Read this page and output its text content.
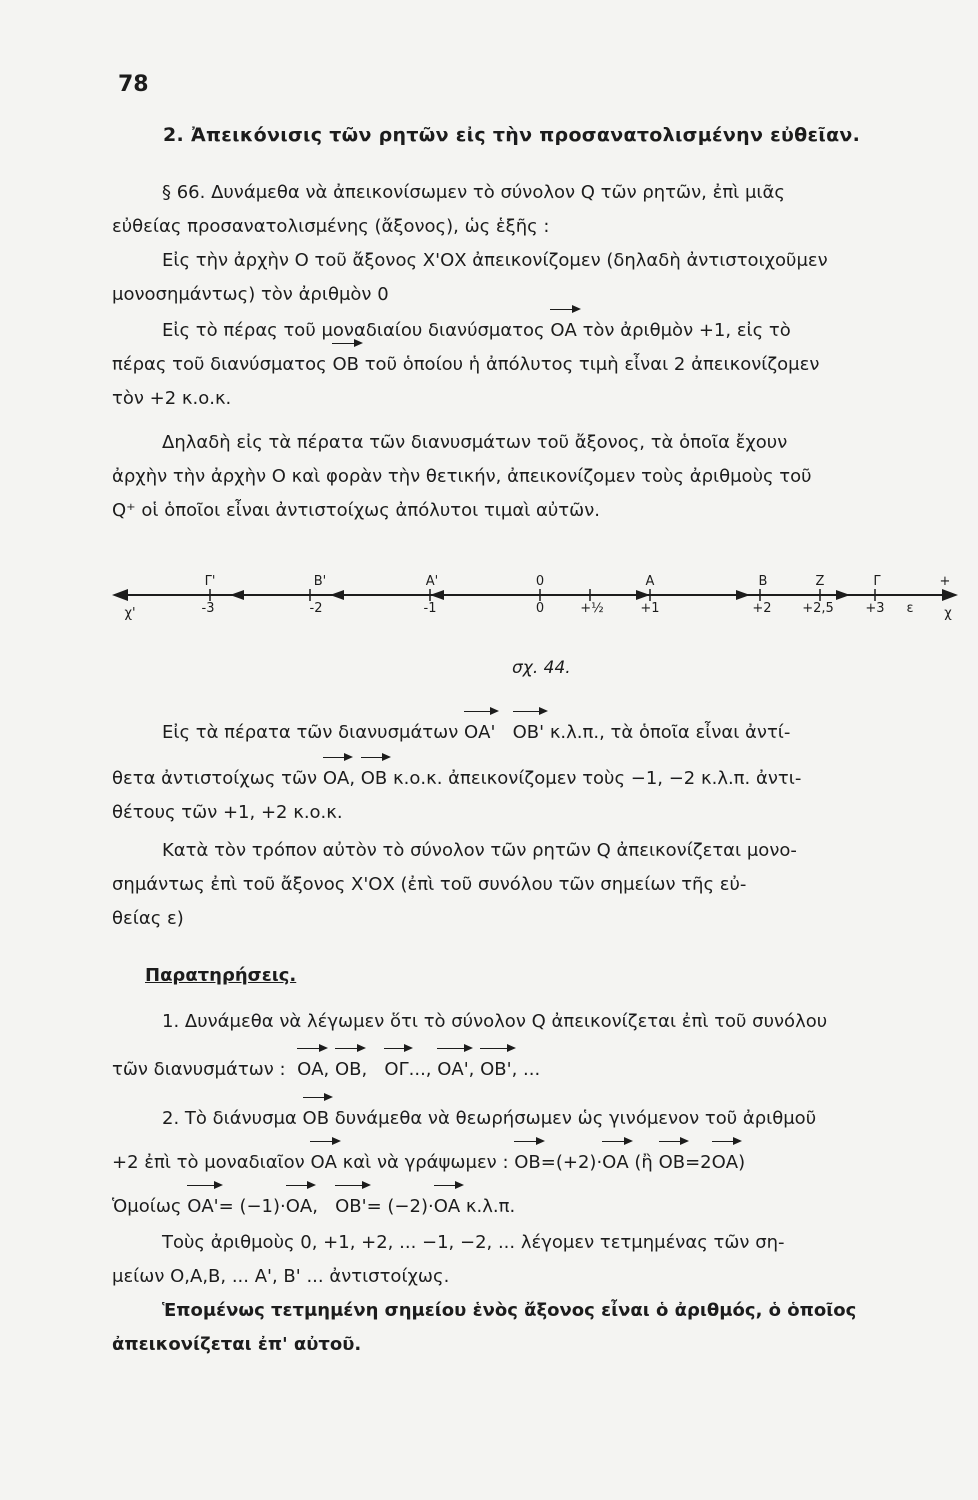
78
2. Ἀπεικόνισις τῶν ρητῶν εἰς τὴν προσανατολισμένην εὐθεῖαν.
§ 66. Δυνάμεθα νὰ ἀπεικονίσωμεν τὸ σύνολον Q τῶν ρητῶν, ἐπὶ μιᾶς
εὐθείας προσανατολισμένης (ἄξονος), ὡς ἑξῆς :
Εἰς τὴν ἀρχὴν Ο τοῦ ἄξονος Χ'ΟΧ ἀπεικονίζομεν (δηλαδὴ ἀντιστοιχοῦμεν
μονοσημάντως) τὸν ἀριθμὸν 0
Εἰς τὸ πέρας τοῦ μοναδιαίου διανύσματος ΟΑ τὸν ἀριθμὸν +1, εἰς τὸ
πέρας τοῦ διανύσματος ΟΒ τοῦ ὁποίου ἡ ἀπόλυτος τιμὴ εἶναι 2 ἀπεικονίζομεν
τὸν +2 κ.ο.κ.
Δηλαδὴ εἰς τὰ πέρατα τῶν διανυσμάτων τοῦ ἄξονος, τὰ ὁποῖα ἔχουν
ἀρχὴν τὴν ἀρχὴν Ο καὶ φορὰν τὴν θετικήν, ἀπεικονίζομεν τοὺς ἀριθμοὺς τοῦ
Q⁺ οἱ ὁποῖοι εἶναι ἀντιστοίχως ἀπόλυτοι τιμαὶ αὐτῶν.
Γ'	Β'	Α'	0	Α	Β	Ζ	Γ	+
χ'	-3	-2	-1	0	+½	+1	+2 +2,5 +3 ε χ
σχ. 44.
Εἰς τὰ πέρατα τῶν διανυσμάτων ΟΑ' ΟΒ' κ.λ.π., τὰ ὁποῖα εἶναι ἀντί-
θετα ἀντιστοίχως τῶν ΟΑ, ΟΒ κ.ο.κ. ἀπεικονίζομεν τοὺς −1, −2 κ.λ.π. ἀντι-
θέτους τῶν +1, +2 κ.ο.κ.
Κατὰ τὸν τρόπον αὐτὸν τὸ σύνολον τῶν ρητῶν Q ἀπεικονίζεται μονο-
σημάντως ἐπὶ τοῦ ἄξονος Χ'ΟΧ (ἐπὶ τοῦ συνόλου τῶν σημείων τῆς εὐ-
θείας ε)
Παρατηρήσεις.
1. Δυνάμεθα νὰ λέγωμεν ὅτι τὸ σύνολον Q ἀπεικονίζεται ἐπὶ τοῦ συνόλου
τῶν διανυσμάτων : ΟΑ, ΟΒ,   ΟΓ..., ΟΑ', ΟΒ', ...
2. Τὸ διάνυσμα ΟΒ δυνάμεθα νὰ θεωρήσωμεν ὡς γινόμενον τοῦ ἀριθμοῦ
+2 ἐπὶ τὸ μοναδιαῖον ΟΑ καὶ νὰ γράψωμεν : ΟΒ=(+2)·ΟΑ (ἢ ΟΒ=2ΟΑ)
Ὁμοίως ΟΑ'= (−1)·ΟΑ,   ΟΒ'= (−2)·ΟΑ κ.λ.π.
Τοὺς ἀριθμοὺς 0, +1, +2, ... −1, −2, ... λέγομεν τετμημένας τῶν ση-
μείων Ο,Α,Β, ... Α', Β' ... ἀντιστοίχως.
Ἑπομένως τετμημένη σημείου ἑνὸς ἄξονος εἶναι ὁ ἀριθμός, ὁ ὁποῖος
ἀπεικονίζεται ἐπ' αὐτοῦ.
